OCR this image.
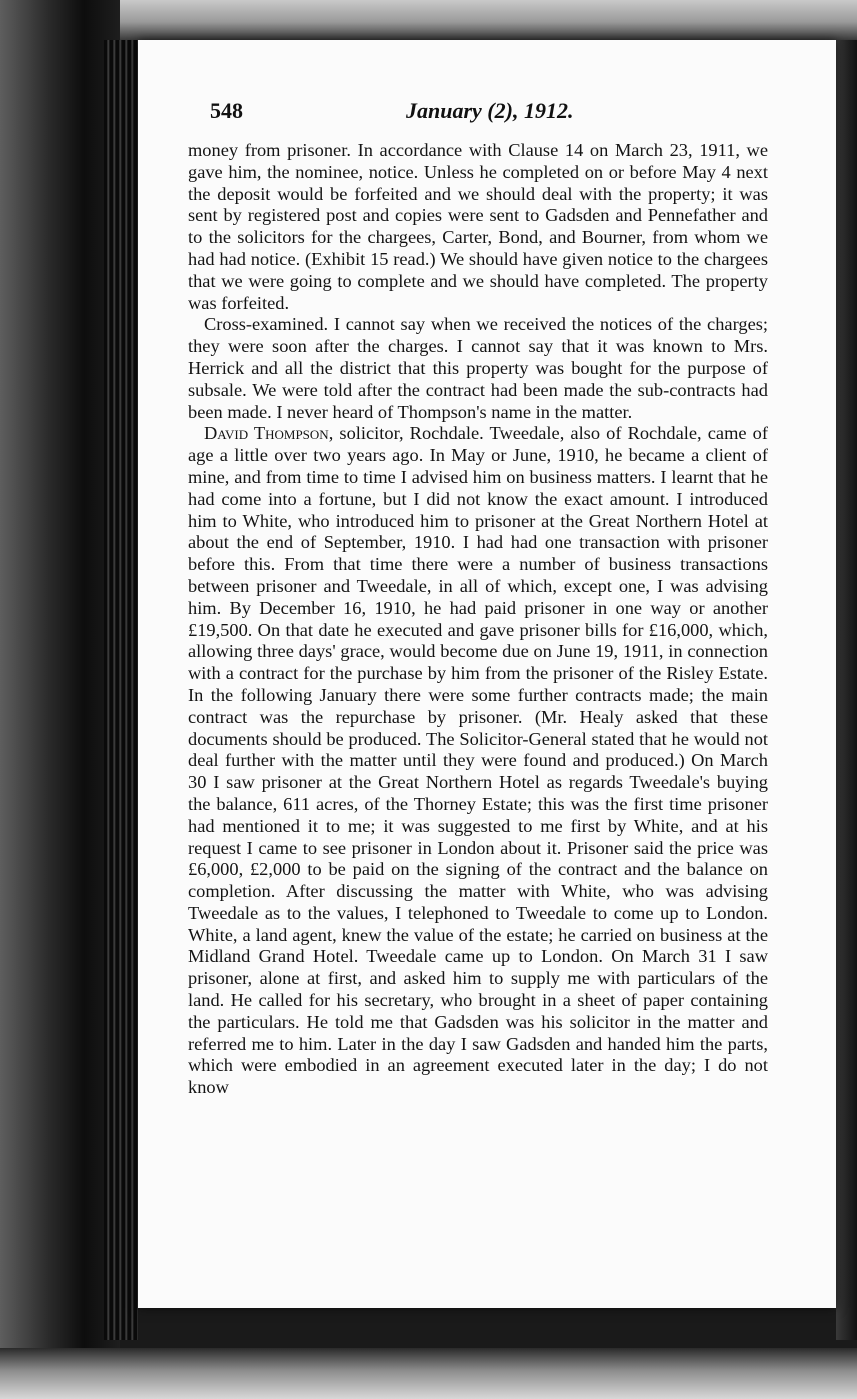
548	January (2), 1912.

money from prisoner. In accordance with Clause 14 on March 23, 1911, we gave him, the nominee, notice. Unless he completed on or before May 4 next the deposit would be forfeited and we should deal with the property; it was sent by registered post and copies were sent to Gadsden and Pennefather and to the solicitors for the chargees, Carter, Bond, and Bourner, from whom we had had notice. (Exhibit 15 read.) We should have given notice to the chargees that we were going to complete and we should have completed. The property was forfeited.

Cross-examined. I cannot say when we received the notices of the charges; they were soon after the charges. I cannot say that it was known to Mrs. Herrick and all the district that this property was bought for the purpose of subsale. We were told after the contract had been made the sub-contracts had been made. I never heard of Thompson's name in the matter.

David Thompson, solicitor, Rochdale. Tweedale, also of Rochdale, came of age a little over two years ago. In May or June, 1910, he became a client of mine, and from time to time I advised him on business matters. I learnt that he had come into a fortune, but I did not know the exact amount. I introduced him to White, who introduced him to prisoner at the Great Northern Hotel at about the end of September, 1910. I had had one transaction with prisoner before this. From that time there were a number of business transactions between prisoner and Tweedale, in all of which, except one, I was advising him. By December 16, 1910, he had paid prisoner in one way or another £19,500. On that date he executed and gave prisoner bills for £16,000, which, allowing three days' grace, would become due on June 19, 1911, in connection with a contract for the purchase by him from the prisoner of the Risley Estate. In the following January there were some further contracts made; the main contract was the repurchase by prisoner. (Mr. Healy asked that these documents should be produced. The Solicitor-General stated that he would not deal further with the matter until they were found and produced.) On March 30 I saw prisoner at the Great Northern Hotel as regards Tweedale's buying the balance, 611 acres, of the Thorney Estate; this was the first time prisoner had mentioned it to me; it was suggested to me first by White, and at his request I came to see prisoner in London about it. Prisoner said the price was £6,000, £2,000 to be paid on the signing of the contract and the balance on completion. After discussing the matter with White, who was advising Tweedale as to the values, I telephoned to Tweedale to come up to London. White, a land agent, knew the value of the estate; he carried on business at the Midland Grand Hotel. Tweedale came up to London. On March 31 I saw prisoner, alone at first, and asked him to supply me with particulars of the land. He called for his secretary, who brought in a sheet of paper containing the particulars. He told me that Gadsden was his solicitor in the matter and referred me to him. Later in the day I saw Gadsden and handed him the parts, which were embodied in an agreement executed later in the day; I do not know
